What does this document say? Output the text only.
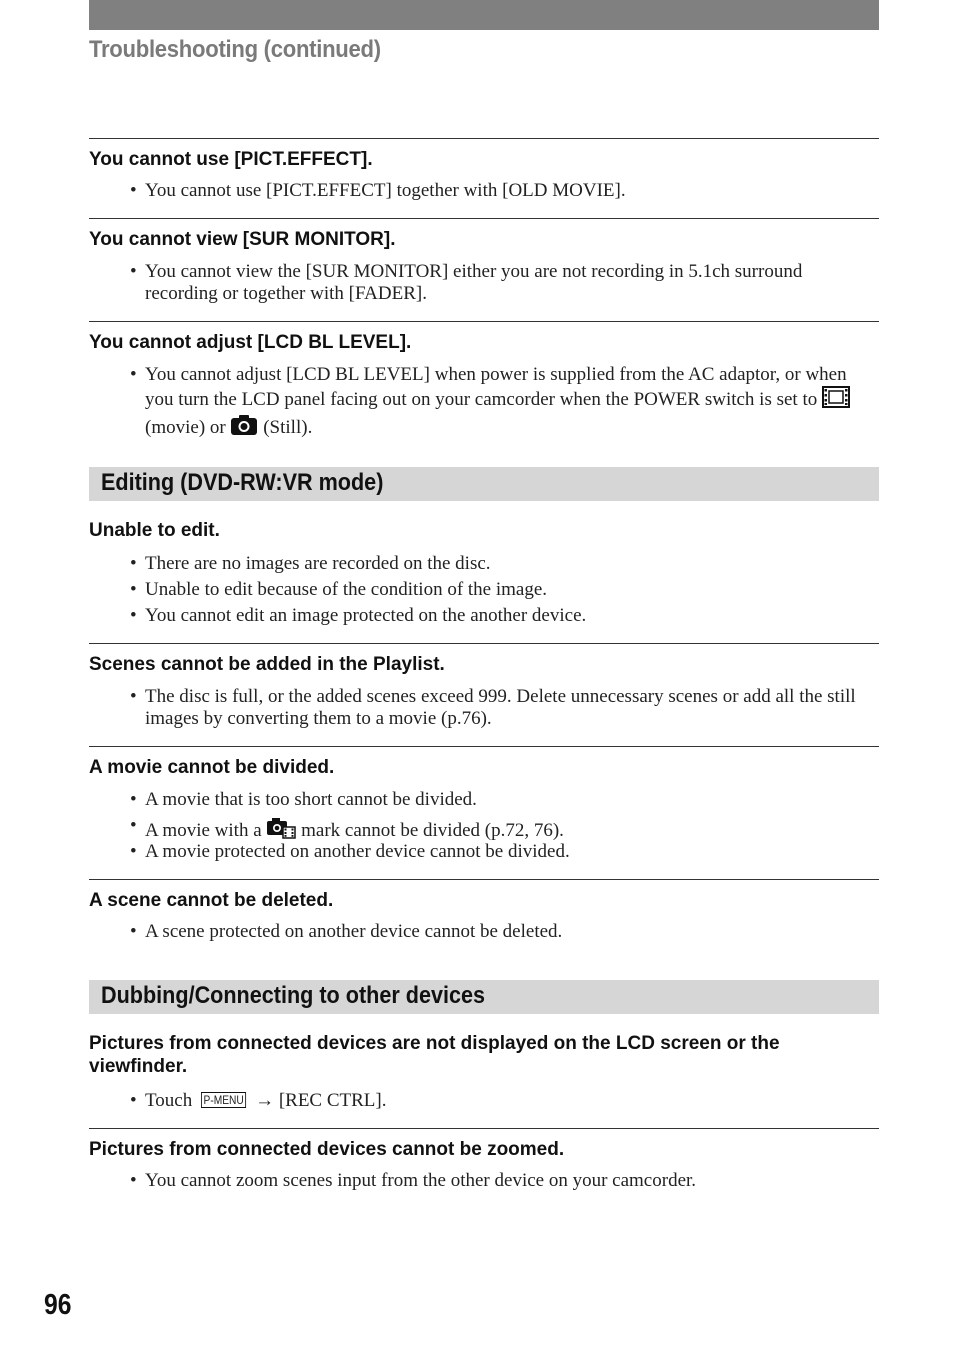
Troubleshooting (continued)
You cannot use [PICT.EFFECT].
• You cannot use [PICT.EFFECT] together with [OLD MOVIE].
You cannot view [SUR MONITOR].
• You cannot view the [SUR MONITOR] either you are not recording in 5.1ch surround recording or together with [FADER].
You cannot adjust [LCD BL LEVEL].
• You cannot adjust [LCD BL LEVEL] when power is supplied from the AC adaptor, or when you turn the LCD panel facing out on your camcorder when the POWER switch is set to  (movie) or (Still).
Editing (DVD-RW:VR mode)
Unable to edit.
• There are no images are recorded on the disc.
• Unable to edit because of the condition of the image.
• You cannot edit an image protected on the another device.
Scenes cannot be added in the Playlist.
• The disc is full, or the added scenes exceed 999. Delete unnecessary scenes or add all the still images by converting them to a movie (p.76).
A movie cannot be divided.
• A movie that is too short cannot be divided.
• A movie with a mark cannot be divided (p.72, 76).
• A movie protected on another device cannot be divided.
A scene cannot be deleted.
• A scene protected on another device cannot be deleted.
Dubbing/Connecting to other devices
Pictures from connected devices are not displayed on the LCD screen or the viewfinder.
• Touch P-MENU → [REC CTRL].
Pictures from connected devices cannot be zoomed.
• You cannot zoom scenes input from the other device on your camcorder.
96
